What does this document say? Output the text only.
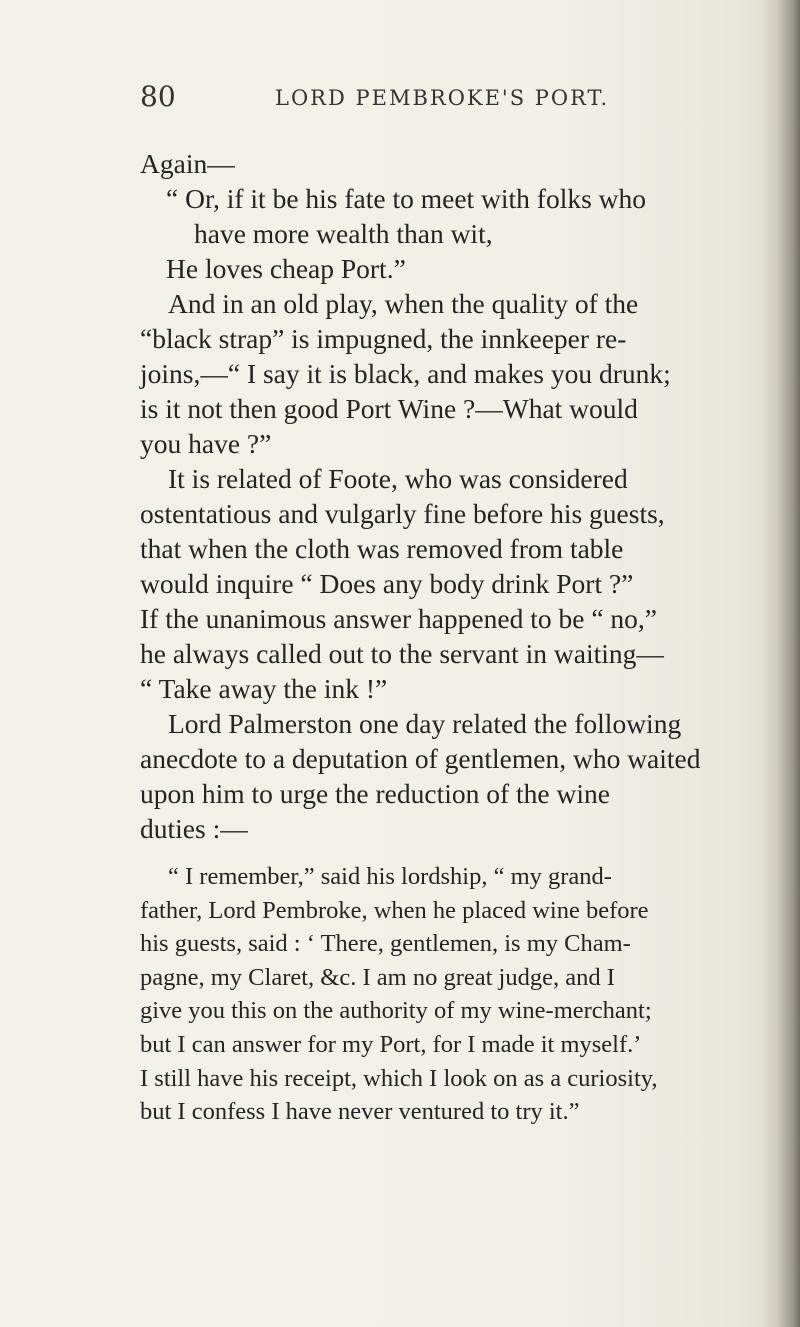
80	LORD PEMBROKE'S PORT.

Again—

“ Or, if it be his fate to meet with folks who

have more wealth than wit,

He loves cheap Port.”

And in an old play, when the quality of the

“black strap” is impugned, the innkeeper re-

joins,—“ I say it is black, and makes you drunk;

is it not then good Port Wine ?—What would

you have ?”

It is related of Foote, who was considered

ostentatious and vulgarly fine before his guests,

that when the cloth was removed from table

would inquire “ Does any body drink Port ?”

If the unanimous answer happened to be “ no,”

he always called out to the servant in waiting—

“ Take away the ink !”

Lord Palmerston one day related the following

anecdote to a deputation of gentlemen, who waited

upon him to urge the reduction of the wine

duties :—

“ I remember,” said his lordship, “ my grand-

father, Lord Pembroke, when he placed wine before

his guests, said : ‘ There, gentlemen, is my Cham-

pagne, my Claret, &c. I am no great judge, and I

give you this on the authority of my wine-merchant;

but I can answer for my Port, for I made it myself.’

I still have his receipt, which I look on as a curiosity,

but I confess I have never ventured to try it.”
